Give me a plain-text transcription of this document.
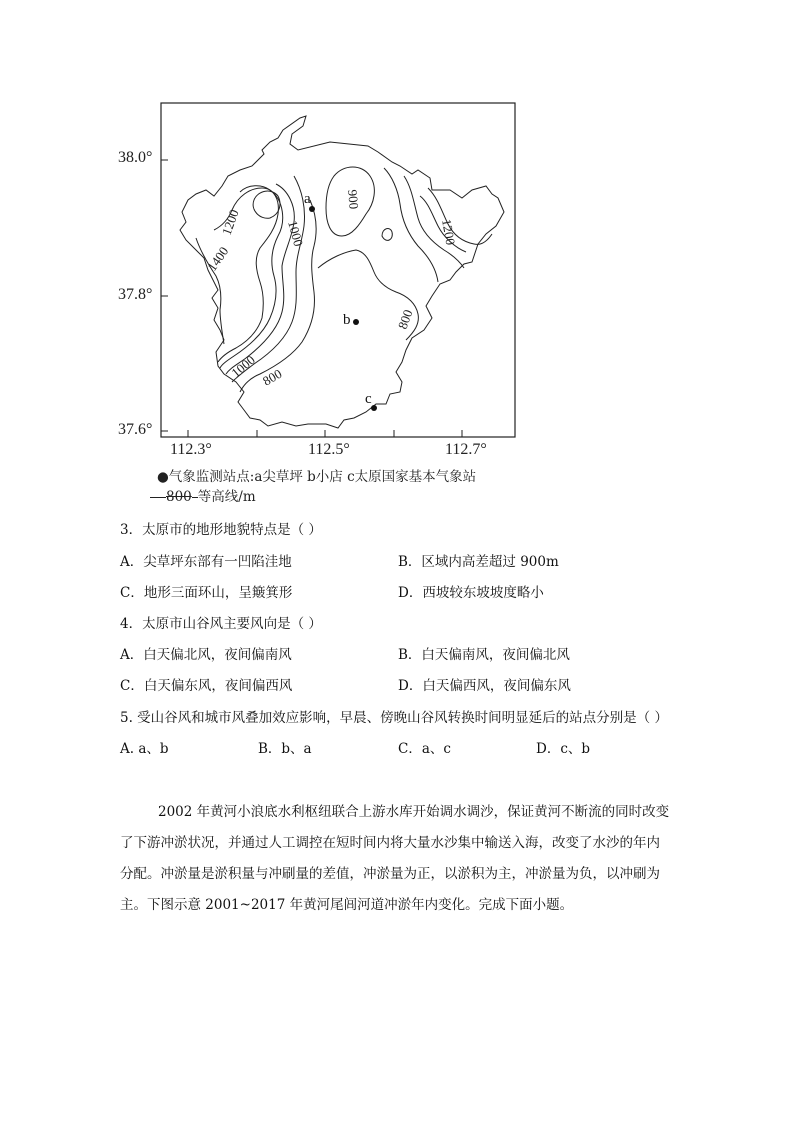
38.0°
37.8°
37.6°
112.3°	112.5°	112.7°
1200	1000
900
1400
800
1200
1000 800
a
b
c
●气象监测站点:a尖草坪 b小店 c太原国家基本气象站
800 等高线/m
3．太原市的地形地貌特点是（ ）
A．尖草坪东部有一凹陷洼地	B．区域内高差超过 900m
C．地形三面环山，呈簸箕形	D．西坡较东坡坡度略小
4．太原市山谷风主要风向是（ ）
A．白天偏北风，夜间偏南风	B．白天偏南风，夜间偏北风
C．白天偏东风，夜间偏西风	D．白天偏西风，夜间偏东风
5. 受山谷风和城市风叠加效应影响，早晨、傍晚山谷风转换时间明显延后的站点分别是（ ）
A. a、b	B．b、a	C．a、c	D．c、b
2002 年黄河小浪底水利枢纽联合上游水库开始调水调沙，保证黄河不断流的同时改变
了下游冲淤状况，并通过人工调控在短时间内将大量水沙集中输送入海，改变了水沙的年内
分配。冲淤量是淤积量与冲刷量的差值，冲淤量为正，以淤积为主，冲淤量为负，以冲刷为
主。下图示意 2001~2017 年黄河尾闾河道冲淤年内变化。完成下面小题。
